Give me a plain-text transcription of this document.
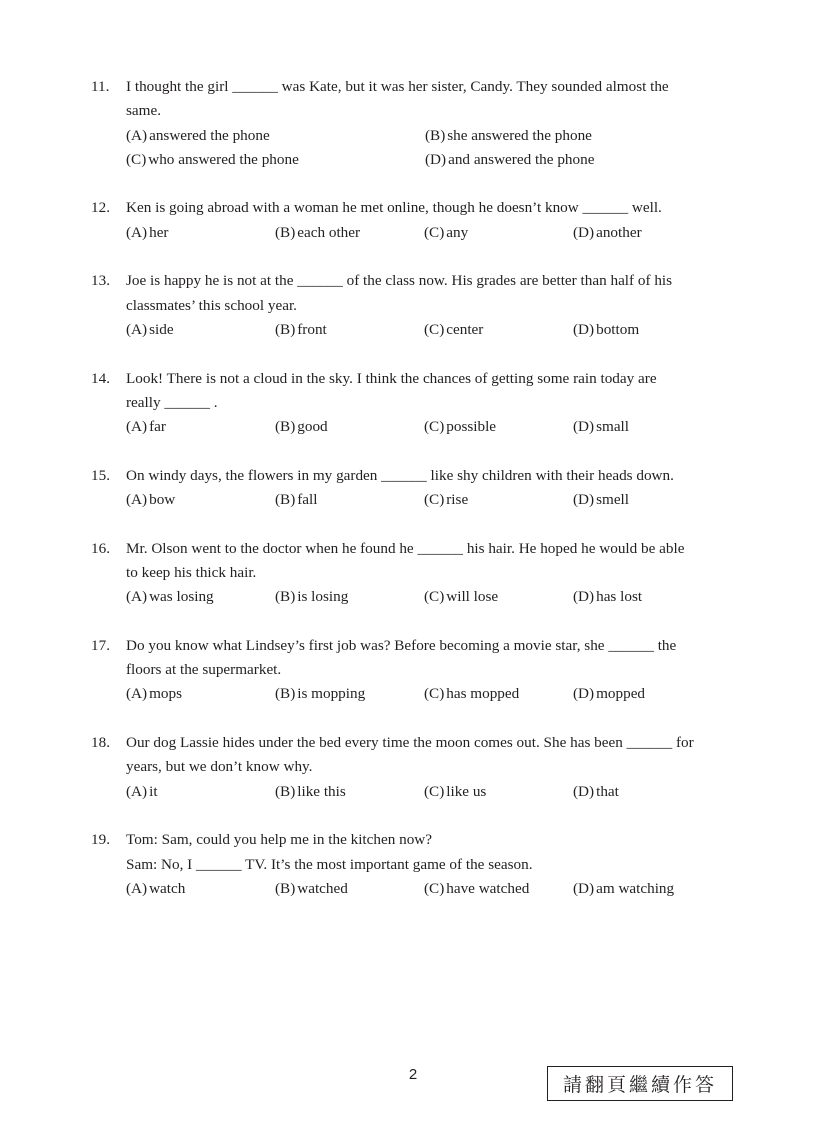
11. I thought the girl ______ was Kate, but it was her sister, Candy. They sounded almost the
same.
(A) answered the phone	(B) she answered the phone
(C) who answered the phone	(D) and answered the phone
12. Ken is going abroad with a woman he met online, though he doesn’t know ______ well.
(A) her	(B) each other	(C) any	(D) another
13. Joe is happy he is not at the ______ of the class now. His grades are better than half of his
classmates’ this school year.
(A) side	(B) front	(C) center	(D) bottom
14. Look! There is not a cloud in the sky. I think the chances of getting some rain today are
really ______ .
(A) far	(B) good	(C) possible	(D) small
15. On windy days, the flowers in my garden ______ like shy children with their heads down.
(A) bow	(B) fall	(C) rise	(D) smell
16. Mr. Olson went to the doctor when he found he ______ his hair. He hoped he would be able
to keep his thick hair.
(A) was losing	(B) is losing	(C) will lose	(D) has lost
17. Do you know what Lindsey’s first job was? Before becoming a movie star, she ______ the
floors at the supermarket.
(A) mops	(B) is mopping	(C) has mopped	(D) mopped
18. Our dog Lassie hides under the bed every time the moon comes out. She has been ______ for
years, but we don’t know why.
(A) it	(B) like this	(C) like us	(D) that
19. Tom: Sam, could you help me in the kitchen now?
Sam: No, I ______ TV. It’s the most important game of the season.
(A) watch	(B) watched	(C) have watched	(D) am watching
2	請翻頁繼續作答
